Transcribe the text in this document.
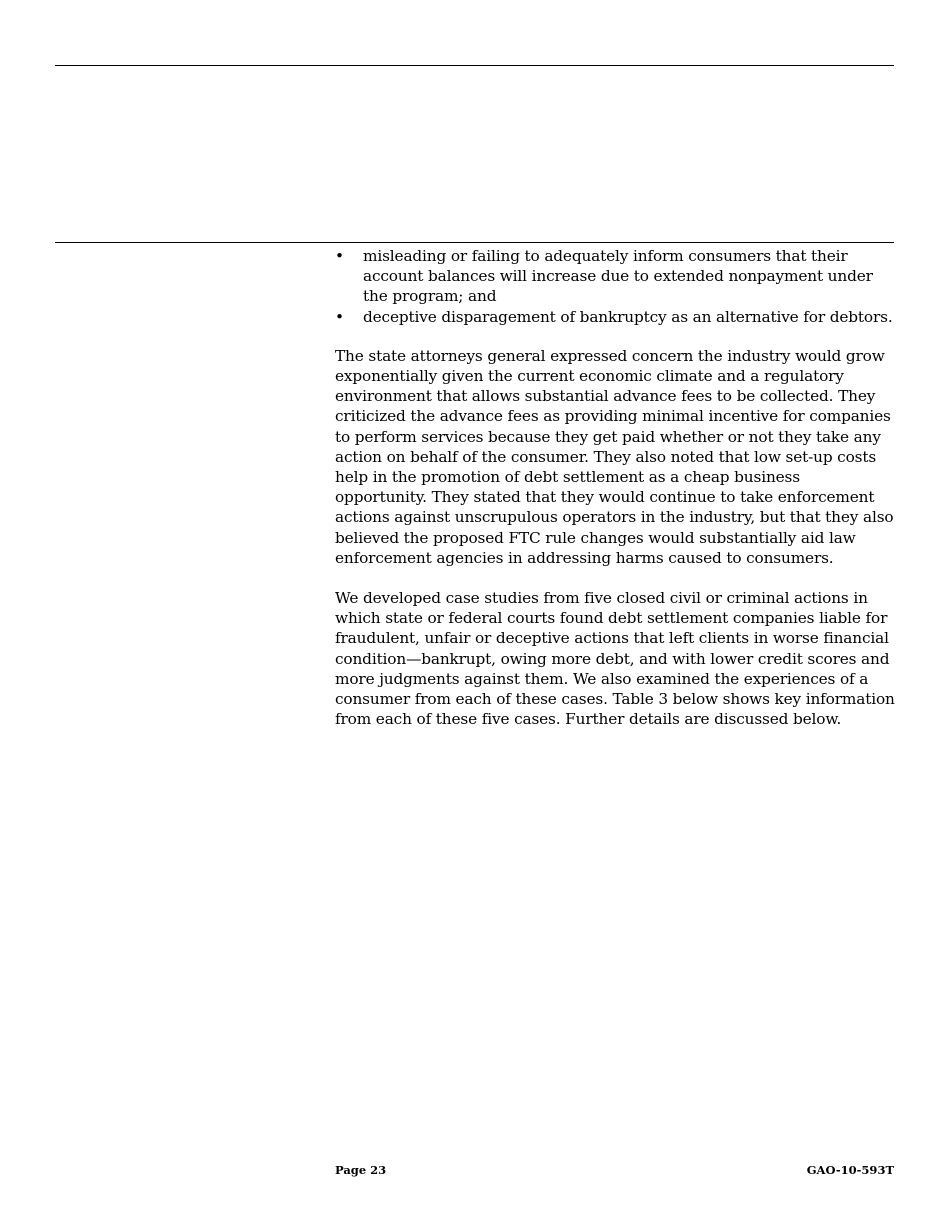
• misleading or failing to adequately inform consumers that their account balances will increase due to extended nonpayment under the program; and
• deceptive disparagement of bankruptcy as an alternative for debtors.

The state attorneys general expressed concern the industry would grow exponentially given the current economic climate and a regulatory environment that allows substantial advance fees to be collected. They criticized the advance fees as providing minimal incentive for companies to perform services because they get paid whether or not they take any action on behalf of the consumer. They also noted that low set-up costs help in the promotion of debt settlement as a cheap business opportunity. They stated that they would continue to take enforcement actions against unscrupulous operators in the industry, but that they also believed the proposed FTC rule changes would substantially aid law enforcement agencies in addressing harms caused to consumers.

We developed case studies from five closed civil or criminal actions in which state or federal courts found debt settlement companies liable for fraudulent, unfair or deceptive actions that left clients in worse financial condition—bankrupt, owing more debt, and with lower credit scores and more judgments against them. We also examined the experiences of a consumer from each of these cases. Table 3 below shows key information from each of these five cases. Further details are discussed below.

Page 23	GAO-10-593T
